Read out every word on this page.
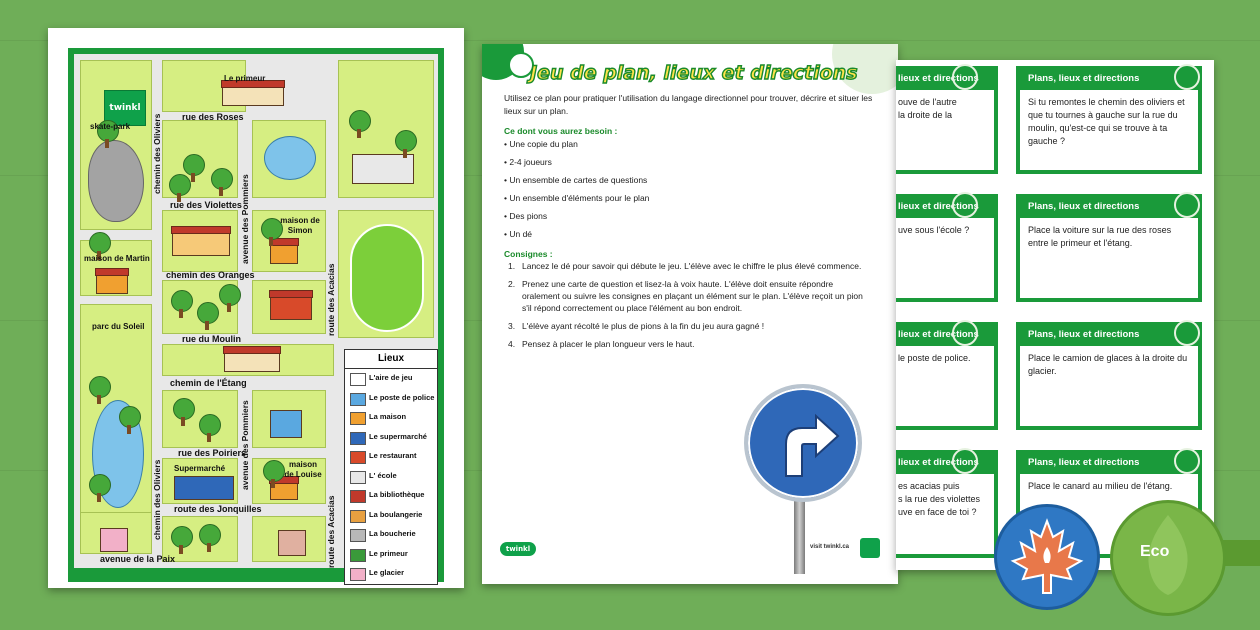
twinkl
rue des Roses
rue des Violettes
chemin des Oranges
rue du Moulin
chemin de l'Étang
rue des Poiriers
route des Jonquilles
avenue de la Paix
chemin des Oliviers
chemin des Oliviers
avenue des Pommiers
avenue des Pommiers
route des Acacias
route des Acacias
skate-park
Le primeur
maison de Simon
maison de Martin
parc du Soleil
Supermarché	maison de Louise
Lieux
L'aire de jeu
Le poste de police
La maison
Le supermarché
Le restaurant
L' école
La bibliothèque
La boulangerie
La boucherie
Le primeur
Le glacier
Jeu de plan, lieux et directions
Utilisez ce plan pour pratiquer l'utilisation du langage directionnel pour trouver, décrire et situer les lieux sur un plan.
Ce dont vous aurez besoin :
• Une copie du plan
• 2-4 joueurs
• Un ensemble de cartes de questions
• Un ensemble d'éléments pour le plan
• Des pions
• Un dé
Consignes :
1. Lancez le dé pour savoir qui débute le jeu. L'élève avec le chiffre le plus élevé commence.
2. Prenez une carte de question et lisez-la à voix haute. L'élève doit ensuite répondre oralement ou suivre les consignes en plaçant un élément sur le plan. L'élève reçoit un pion s'il répond correctement ou place l'élément au bon endroit.
3. L'élève ayant récolté le plus de pions à la fin du jeu aura gagné !
4. Pensez à placer le plan longueur vers le haut.
twinkl	visit twinkl.ca
lieux et directions
ouve de l'autre
la droite de la
lieux et directions
uve sous l'école ?
lieux et directions
le poste de police.
lieux et directions
es acacias puis
s la rue des violettes
uve en face de toi ?
Plans, lieux et directions
Si tu remontes le chemin des oliviers et que tu tournes à gauche sur la rue du moulin, qu'est-ce qui se trouve à ta gauche ?
Plans, lieux et directions
Place la voiture sur la rue des roses entre le primeur et l'étang.
Plans, lieux et directions
Place le camion de glaces à la droite du glacier.
Plans, lieux et directions
Place le canard au milieu de l'étang.
Eco
